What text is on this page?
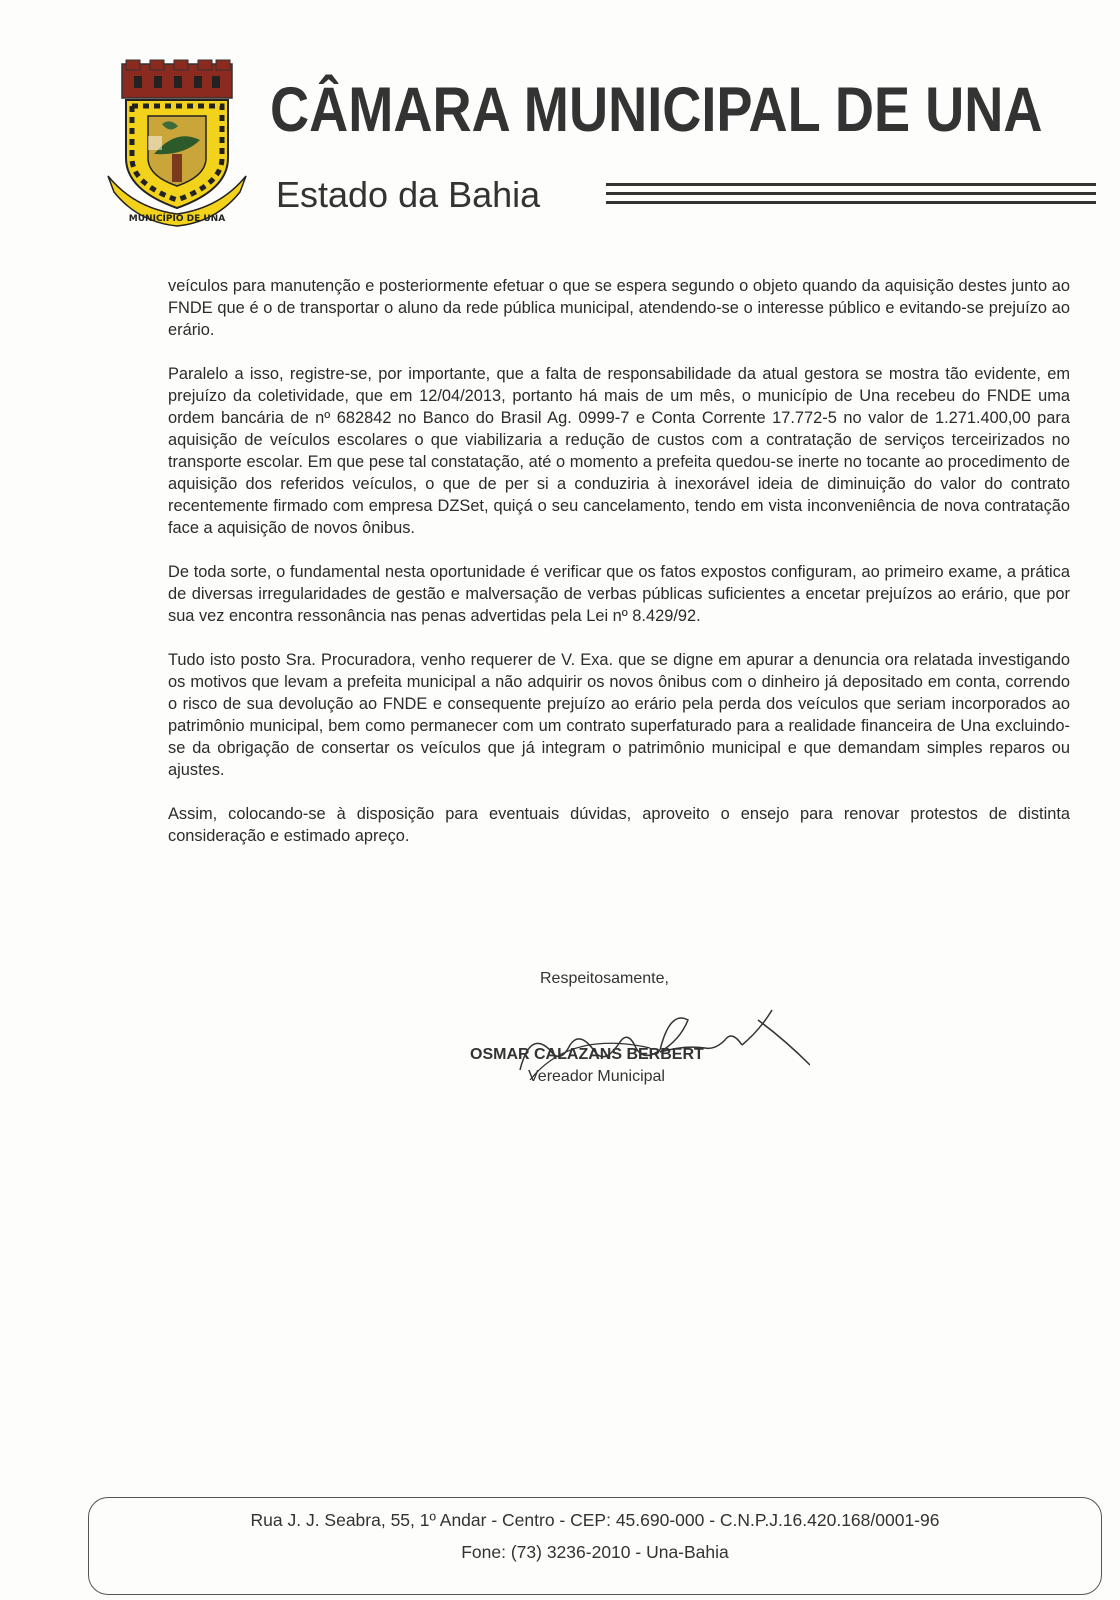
MUNICÍPIO DE UNA
CÂMARA MUNICIPAL DE UNA
Estado da Bahia

veículos para manutenção e posteriormente efetuar o que se espera segundo o objeto quando da aquisição destes junto ao FNDE que é o de transportar o aluno da rede pública municipal, atendendo-se o interesse público e evitando-se prejuízo ao erário.

Paralelo a isso, registre-se, por importante, que a falta de responsabilidade da atual gestora se mostra tão evidente, em prejuízo da coletividade, que em 12/04/2013, portanto há mais de um mês, o município de Una recebeu do FNDE uma ordem bancária de nº 682842 no Banco do Brasil Ag. 0999-7 e Conta Corrente 17.772-5 no valor de 1.271.400,00 para aquisição de veículos escolares o que viabilizaria a redução de custos com a contratação de serviços terceirizados no transporte escolar. Em que pese tal constatação, até o momento a prefeita quedou-se inerte no tocante ao procedimento de aquisição dos referidos veículos, o que de per si a conduziria à inexorável ideia de diminuição do valor do contrato recentemente firmado com empresa DZSet, quiçá o seu cancelamento, tendo em vista inconveniência de nova contratação face a aquisição de novos ônibus.

De toda sorte, o fundamental nesta oportunidade é verificar que os fatos expostos configuram, ao primeiro exame, a prática de diversas irregularidades de gestão e malversação de verbas públicas suficientes a encetar prejuízos ao erário, que por sua vez encontra ressonância nas penas advertidas pela Lei nº 8.429/92.

Tudo isto posto Sra. Procuradora, venho requerer de V. Exa. que se digne em apurar a denuncia ora relatada investigando os motivos que levam a prefeita municipal a não adquirir os novos ônibus com o dinheiro já depositado em conta, correndo o risco de sua devolução ao FNDE e consequente prejuízo ao erário pela perda dos veículos que seriam incorporados ao patrimônio municipal, bem como permanecer com um contrato superfaturado para a realidade financeira de Una excluindo-se da obrigação de consertar os veículos que já integram o patrimônio municipal e que demandam simples reparos ou ajustes.

Assim, colocando-se à disposição para eventuais dúvidas, aproveito o ensejo para renovar protestos de distinta consideração e estimado apreço.

Respeitosamente,
OSMAR CALAZANS BERBERT
Vereador Municipal
Rua J. J. Seabra, 55, 1º Andar - Centro - CEP: 45.690-000 - C.N.P.J.16.420.168/0001-96
Fone: (73) 3236-2010 - Una-Bahia
